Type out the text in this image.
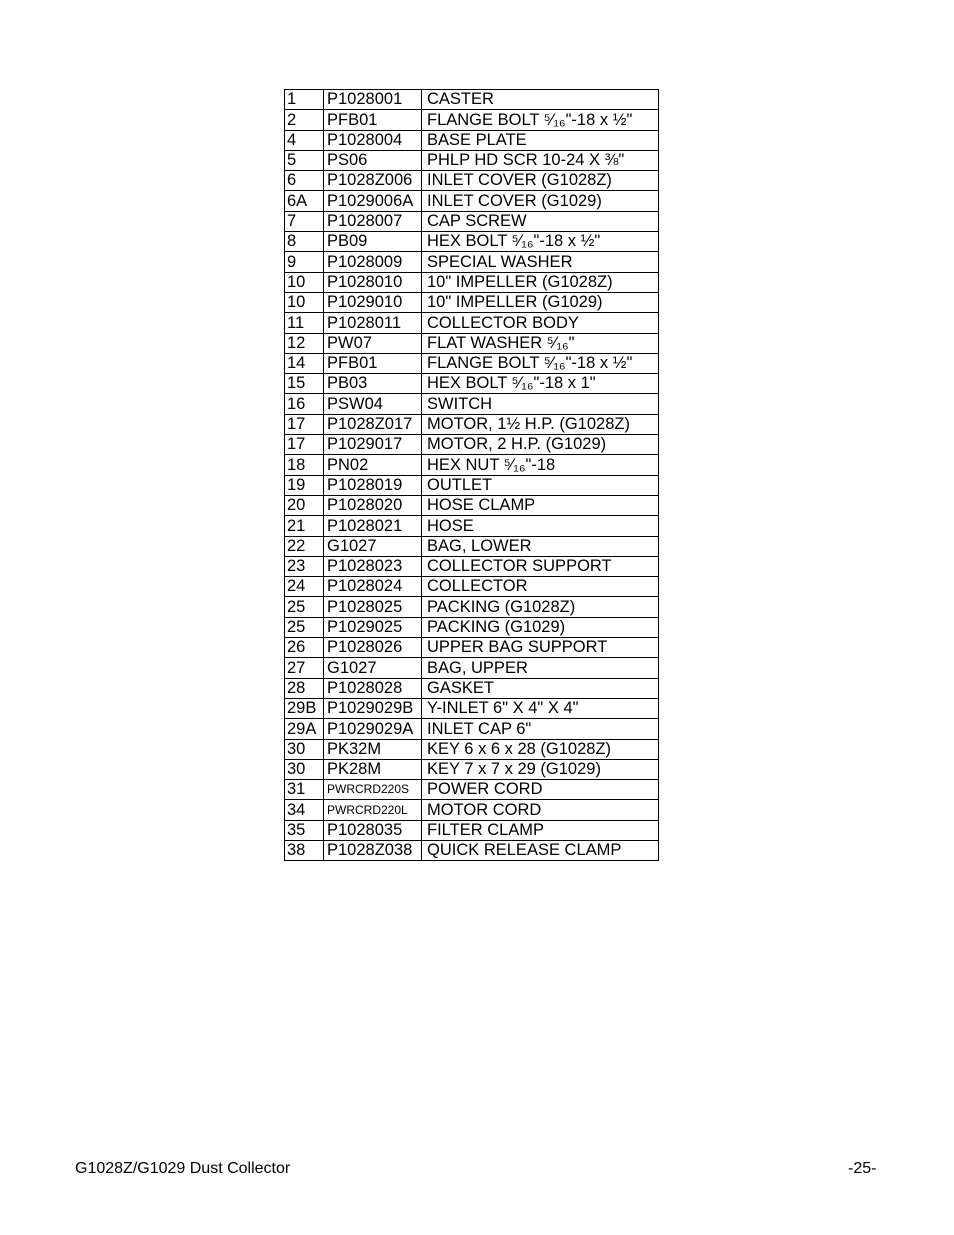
1	P1028001	CASTER
2	PFB01	FLANGE BOLT ⁵⁄₁₆"-18 x ½"
4	P1028004	BASE PLATE
5	PS06	PHLP HD SCR 10-24 X ⅜"
6	P1028Z006	INLET COVER (G1028Z)
6A	P1029006A	INLET COVER (G1029)
7	P1028007	CAP SCREW
8	PB09	HEX BOLT ⁵⁄₁₆"-18 x ½"
9	P1028009	SPECIAL WASHER
10	P1028010	10" IMPELLER (G1028Z)
10	P1029010	10" IMPELLER (G1029)
11	P1028011	COLLECTOR BODY
12	PW07	FLAT WASHER ⁵⁄₁₆"
14	PFB01	FLANGE BOLT ⁵⁄₁₆"-18 x ½"
15	PB03	HEX BOLT ⁵⁄₁₆"-18 x 1"
16	PSW04	SWITCH
17	P1028Z017	MOTOR, 1½ H.P. (G1028Z)
17	P1029017	MOTOR, 2 H.P. (G1029)
18	PN02	HEX NUT ⁵⁄₁₆"-18
19	P1028019	OUTLET
20	P1028020	HOSE CLAMP
21	P1028021	HOSE
22	G1027	BAG, LOWER
23	P1028023	COLLECTOR SUPPORT
24	P1028024	COLLECTOR
25	P1028025	PACKING (G1028Z)
25	P1029025	PACKING (G1029)
26	P1028026	UPPER BAG SUPPORT
27	G1027	BAG, UPPER
28	P1028028	GASKET
29B	P1029029B	Y-INLET 6" X 4" X 4"
29A	P1029029A	INLET CAP 6"
30	PK32M	KEY 6 x 6 x 28 (G1028Z)
30	PK28M	KEY 7 x 7 x 29 (G1029)
31	PWRCRD220S	POWER CORD
34	PWRCRD220L	MOTOR CORD
35	P1028035	FILTER CLAMP
38	P1028Z038	QUICK RELEASE CLAMP
G1028Z/G1029 Dust Collector	-25-
